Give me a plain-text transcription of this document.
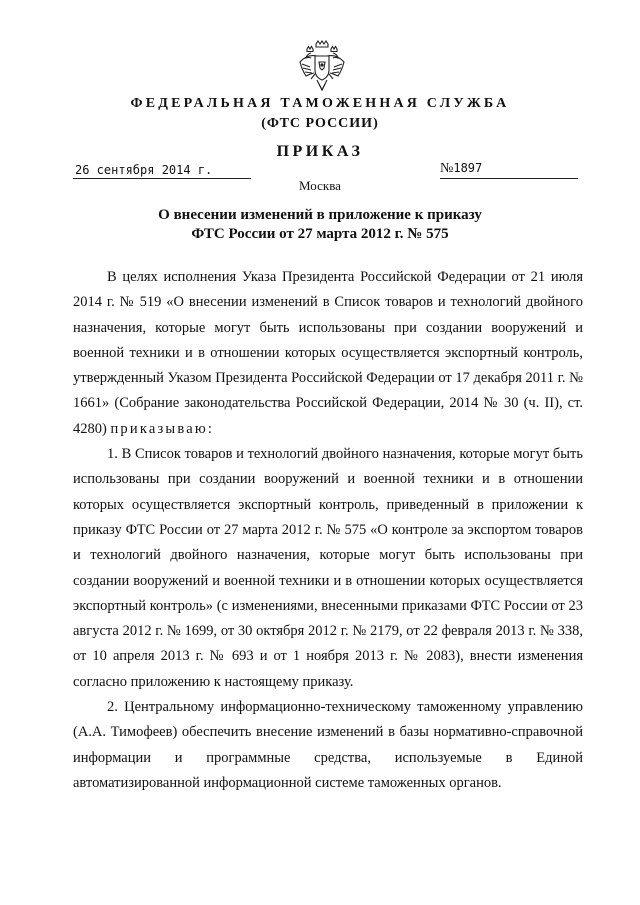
ФЕДЕРАЛЬНАЯ ТАМОЖЕННАЯ СЛУЖБА
(ФТС РОССИИ)
ПРИКАЗ
26 сентября 2014 г.	№1897
Москва
О внесении изменений в приложение к приказу
ФТС России от 27 марта 2012 г. № 575

В целях исполнения Указа Президента Российской Федерации от 21 июля 2014 г. № 519 «О внесении изменений в Список товаров и технологий двойного назначения, которые могут быть использованы при создании вооружений и военной техники и в отношении которых осуществляется экспортный контроль, утвержденный Указом Президента Российской Федерации от 17 декабря 2011 г. № 1661» (Собрание законодательства Российской Федерации, 2014 № 30 (ч. II), ст. 4280) приказываю:

1. В Список товаров и технологий двойного назначения, которые могут быть использованы при создании вооружений и военной техники и в отношении которых осуществляется экспортный контроль, приведенный в приложении к приказу ФТС России от 27 марта 2012 г. № 575 «О контроле за экспортом товаров и технологий двойного назначения, которые могут быть использованы при создании вооружений и военной техники и в отношении которых осуществляется экспортный контроль» (с изменениями, внесенными приказами ФТС России от 23 августа 2012 г. № 1699, от 30 октября 2012 г. № 2179, от 22 февраля 2013 г. № 338, от 10 апреля 2013 г. № 693 и от 1 ноября 2013 г. № 2083), внести изменения согласно приложению к настоящему приказу.

2. Центральному информационно-техническому таможенному управлению (А.А. Тимофеев) обеспечить внесение изменений в базы нормативно-справочной информации и программные средства, используемые в Единой автоматизированной информационной системе таможенных органов.
